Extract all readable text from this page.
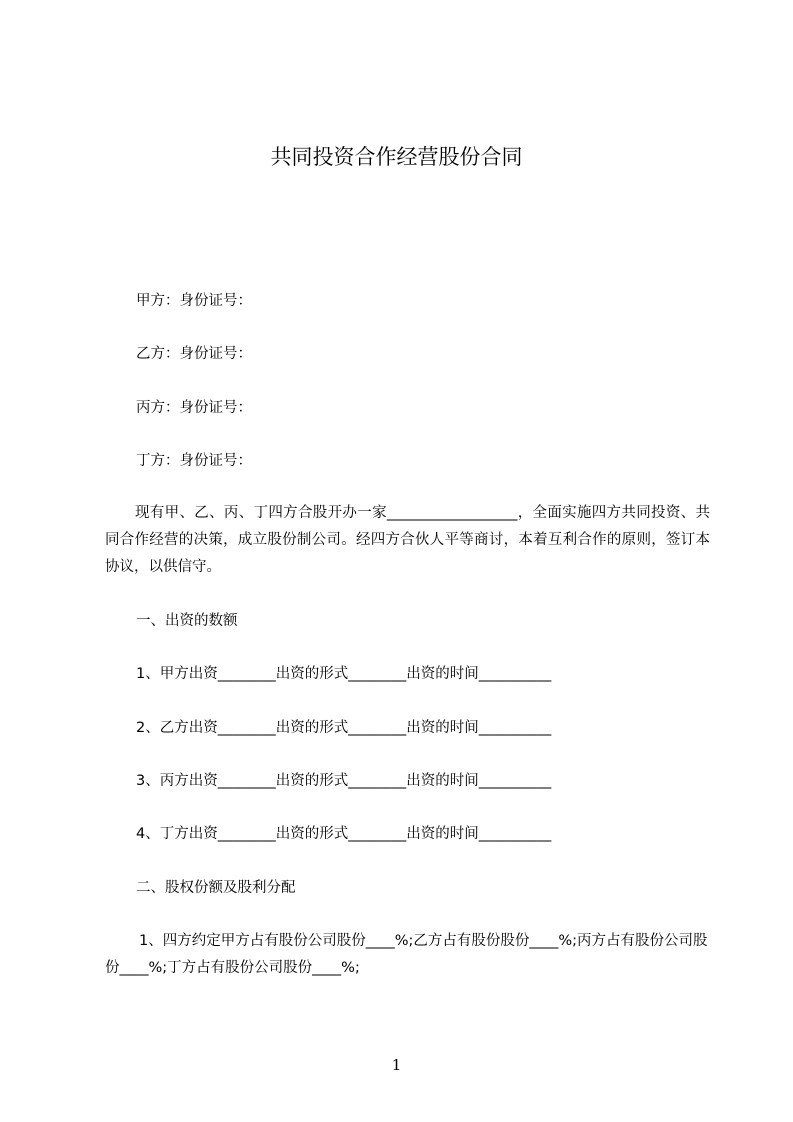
共同投资合作经营股份合同
甲方：身份证号：
乙方：身份证号：
丙方：身份证号：
丁方：身份证号：
现有甲、乙、丙、丁四方合股开办一家__________________，全面实施四方共同投资、共同合作经营的决策，成立股份制公司。经四方合伙人平等商讨，本着互利合作的原则，签订本协议，以供信守。
一、出资的数额
1、甲方出资________出资的形式________出资的时间__________
2、乙方出资________出资的形式________出资的时间__________
3、丙方出资________出资的形式________出资的时间__________
4、丁方出资________出资的形式________出资的时间__________
二、股权份额及股利分配
1、四方约定甲方占有股份公司股份____%;乙方占有股份股份____%;丙方占有股份公司股份____%;丁方占有股份公司股份____%;
1
